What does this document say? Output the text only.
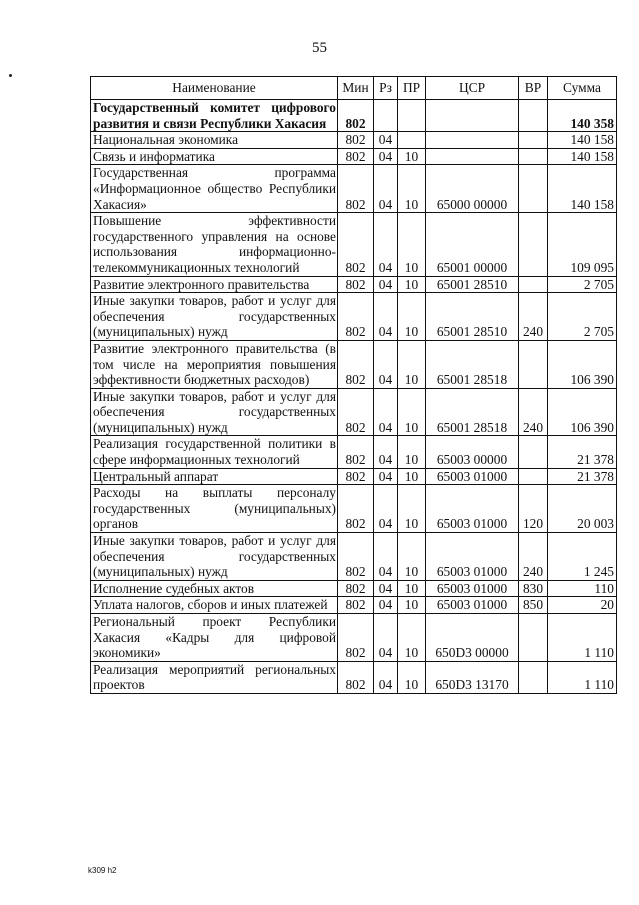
55
Наименование	Мин	Рз	ПР	ЦСР	ВР	Сумма
Государственный комитет цифрового развития и связи Республики Хакасия	802					140 358
Национальная экономика	802	04				140 158
Связь и информатика	802	04	10			140 158
Государственная программа «Информационное общество Республики Хакасия»	802	04	10	65000 00000		140 158
Повышение эффективности государственного управления на основе использования информационно-телекоммуникационных технологий	802	04	10	65001 00000		109 095
Развитие электронного правительства	802	04	10	65001 28510		2 705
Иные закупки товаров, работ и услуг для обеспечения государственных (муниципальных) нужд	802	04	10	65001 28510	240	2 705
Развитие электронного правительства (в том числе на мероприятия повышения эффективности бюджетных расходов)	802	04	10	65001 28518		106 390
Иные закупки товаров, работ и услуг для обеспечения государственных (муниципальных) нужд	802	04	10	65001 28518	240	106 390
Реализация государственной политики в сфере информационных технологий	802	04	10	65003 00000		21 378
Центральный аппарат	802	04	10	65003 01000		21 378
Расходы на выплаты персоналу государственных (муниципальных) органов	802	04	10	65003 01000	120	20 003
Иные закупки товаров, работ и услуг для обеспечения государственных (муниципальных) нужд	802	04	10	65003 01000	240	1 245
Исполнение судебных актов	802	04	10	65003 01000	830	110
Уплата налогов, сборов и иных платежей	802	04	10	65003 01000	850	20
Региональный проект Республики Хакасия «Кадры для цифровой экономики»	802	04	10	650D3 00000		1 110
Реализация мероприятий региональных проектов	802	04	10	650D3 13170		1 110
k309 h2
